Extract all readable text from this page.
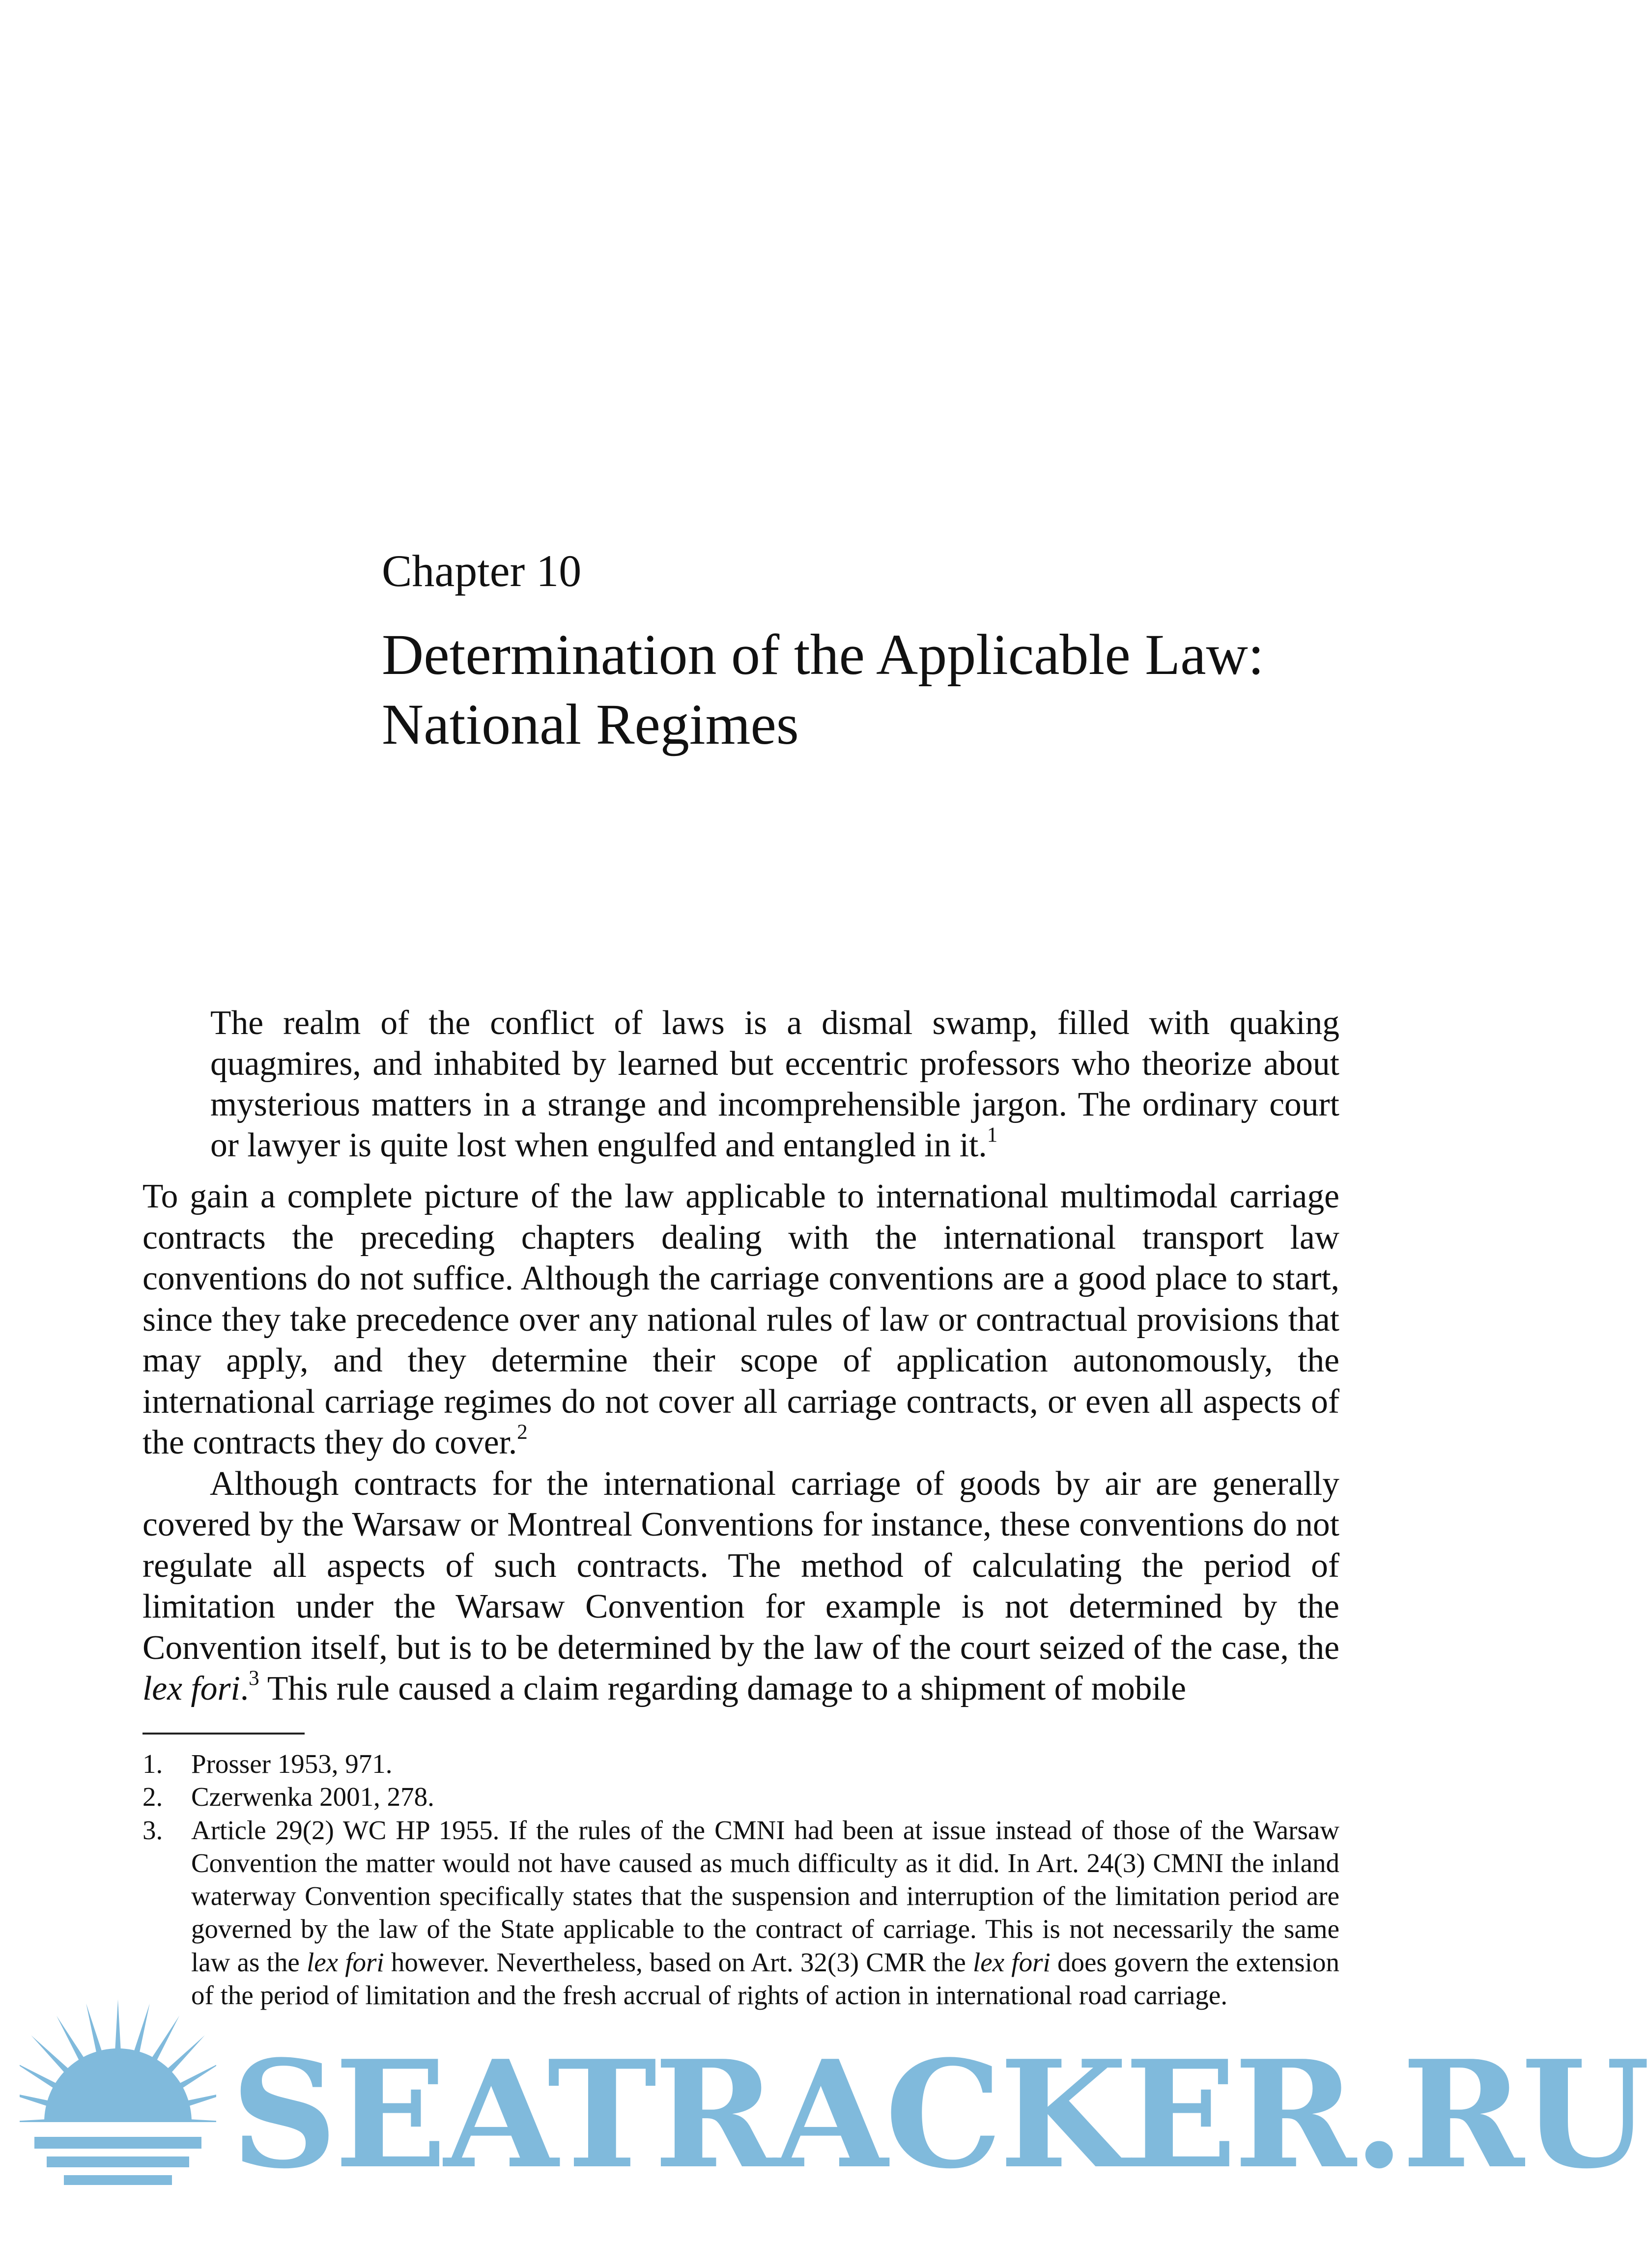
Chapter 10
Determination of the Applicable Law:
National Regimes

The realm of the conflict of laws is a dismal swamp, filled with quaking quagmires, and inhabited by learned but eccentric professors who theorize about mysterious matters in a strange and incomprehensible jargon. The ordinary court or lawyer is quite lost when engulfed and entangled in it.$^1$

To gain a complete picture of the law applicable to international multimodal carriage contracts the preceding chapters dealing with the international transport law conventions do not suffice. Although the carriage conventions are a good place to start, since they take precedence over any national rules of law or contractual provisions that may apply, and they determine their scope of application autonomously, the international carriage regimes do not cover all carriage contracts, or even all aspects of the contracts they do cover.$^2$

Although contracts for the international carriage of goods by air are generally covered by the Warsaw or Montreal Conventions for instance, these conventions do not regulate all aspects of such contracts. The method of calculating the period of limitation under the Warsaw Convention for example is not determined by the Convention itself, but is to be determined by the law of the court seized of the case, the lex fori.$^3$ This rule caused a claim regarding damage to a shipment of mobile

1. Prosser 1953, 971.
2. Czerwenka 2001, 278.
3. Article 29(2) WC HP 1955. If the rules of the CMNI had been at issue instead of those of the Warsaw Convention the matter would not have caused as much difficulty as it did. In Art. 24(3) CMNI the inland waterway Convention specifically states that the suspension and interruption of the limitation period are governed by the law of the State applicable to the contract of carriage. This is not necessarily the same law as the lex fori however. Nevertheless, based on Art. 32(3) CMR the lex fori does govern the extension of the period of limitation and the fresh accrual of rights of action in international road carriage.
SEATRACKER.RU
